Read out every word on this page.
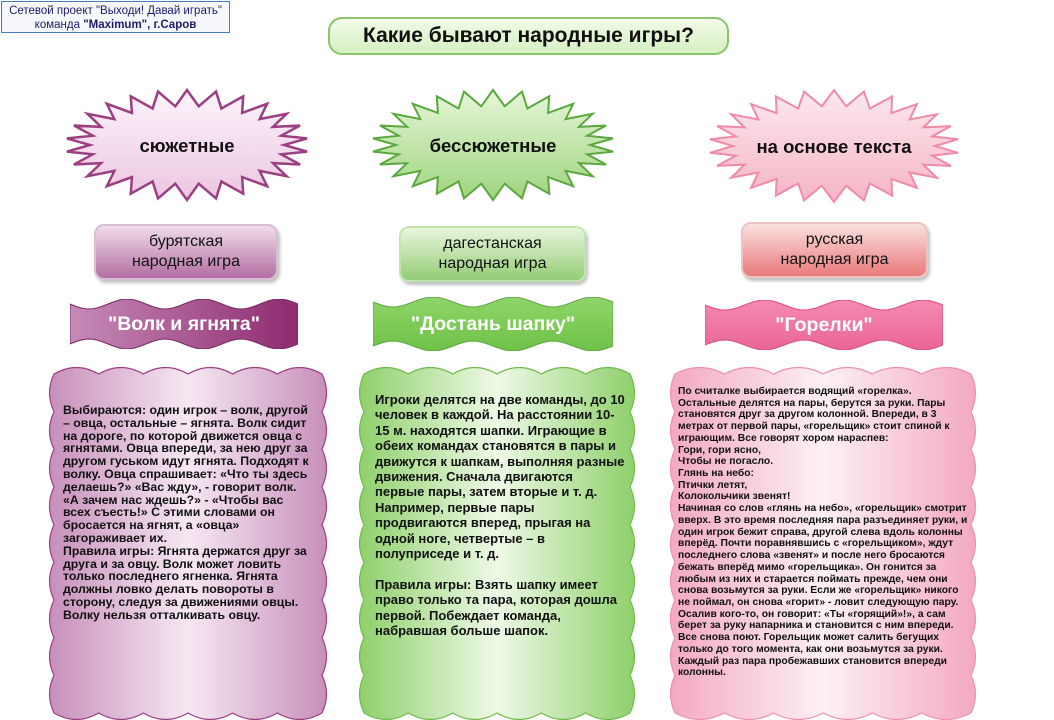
Сетевой проект "Выходи! Давай играть"
команда "Maximum", г.Саров	Какие бывают народные игры?
сюжетные	бессюжетные	на основе текста
бурятская
народная игра
дагестанская
народная игра
русская
народная игра
"Волк и ягнята"	"Достань шапку"	"Горелки"
Выбираются: один игрок – волк, другой – овца, остальные – ягнята. Волк сидит на дороге, по которой движется овца с ягнятами. Овца впереди, за нею друг за другом гуськом идут ягнята. Подходят к волку. Овца спрашивает: «Что ты здесь делаешь?» «Вас жду», - говорит волк. «А зачем нас ждешь?» - «Чтобы вас всех съесть!» С этими словами он бросается на ягнят, а «овца» загораживает их.
Правила игры: Ягнята держатся друг за друга и за овцу. Волк может ловить только последнего ягненка. Ягнята должны ловко делать повороты в сторону, следуя за движениями овцы. Волку нельзя отталкивать овцу.
Игроки делятся на две команды, до 10 человек в каждой. На расстоянии 10-15 м. находятся шапки. Играющие в обеих командах становятся в пары и движутся к шапкам, выполняя разные движения. Сначала двигаются первые пары, затем вторые и т. д. Например, первые пары продвигаются вперед, прыгая на одной ноге, четвертые – в полуприседе и т. д.

Правила игры: Взять шапку имеет право только та пара, которая дошла первой. Побеждает команда, набравшая больше шапок.
По считалке выбирается водящий «горелка». Остальные делятся на пары, берутся за руки. Пары становятся друг за другом колонной. Впереди, в 3 метрах от первой пары, «горельщик» стоит спиной к играющим. Все говорят хором нараспев:
Гори, гори ясно,
Чтобы не погасло.
Глянь на небо:
Птички летят,
Колокольчики звенят!
Начиная со слов «глянь на небо», «горельщик» смотрит вверх. В это время последняя пара разъединяет руки, и один игрок бежит справа, другой слева вдоль колонны вперёд. Почти поравнявшись с «горельщиком», ждут последнего слова «звенят» и после него бросаются бежать вперёд мимо «горельщика». Он гонится за любым из них и старается поймать прежде, чем они снова возьмутся за руки. Если же «горельщик» никого не поймал, он снова «горит» - ловит следующую пару. Осалив кого-то, он говорит: «Ты «горящий»!», а сам берет за руку напарника и становится с ним впереди. Все снова поют. Горельщик может салить бегущих только до того момента, как они возьмутся за руки. Каждый раз пара пробежавших становится впереди колонны.
